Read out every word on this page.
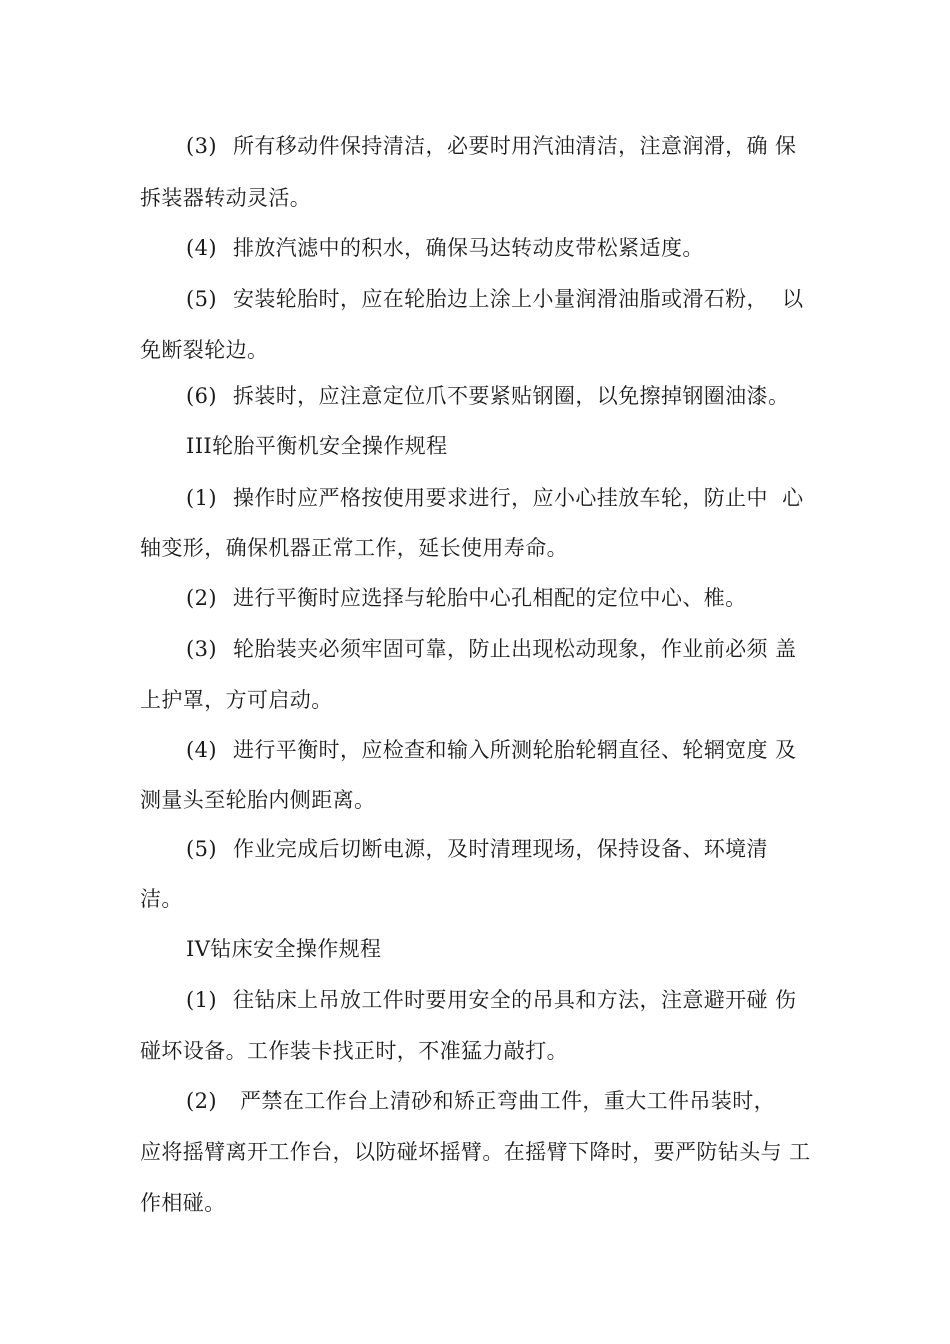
(3) 所有移动件保持清洁，必要时用汽油清洁，注意润滑，确 保
拆装器转动灵活。
(4) 排放汽滤中的积水，确保马达转动皮带松紧适度。
(5) 安装轮胎时，应在轮胎边上涂上小量润滑油脂或滑石粉，  以
免断裂轮边。
(6) 拆装时，应注意定位爪不要紧贴钢圈，以免擦掉钢圈油漆。
III轮胎平衡机安全操作规程
(1) 操作时应严格按使用要求进行，应小心挂放车轮，防止中  心
轴变形，确保机器正常工作，延长使用寿命。
(2) 进行平衡时应选择与轮胎中心孔相配的定位中心、椎。
(3) 轮胎装夹必须牢固可靠，防止出现松动现象，作业前必须 盖
上护罩，方可启动。
(4) 进行平衡时，应检查和输入所测轮胎轮辋直径、轮辋宽度 及
测量头至轮胎内侧距离。
(5) 作业完成后切断电源，及时清理现场，保持设备、环境清
洁。
IV钻床安全操作规程
(1) 往钻床上吊放工件时要用安全的吊具和方法，注意避开碰 伤
碰坏设备。工作装卡找正时，不准猛力敲打。
(2) 严禁在工作台上清砂和矫正弯曲工件，重大工件吊装时，
应将摇臂离开工作台，以防碰坏摇臂。在摇臂下降时，要严防钻头与 工
作相碰。
